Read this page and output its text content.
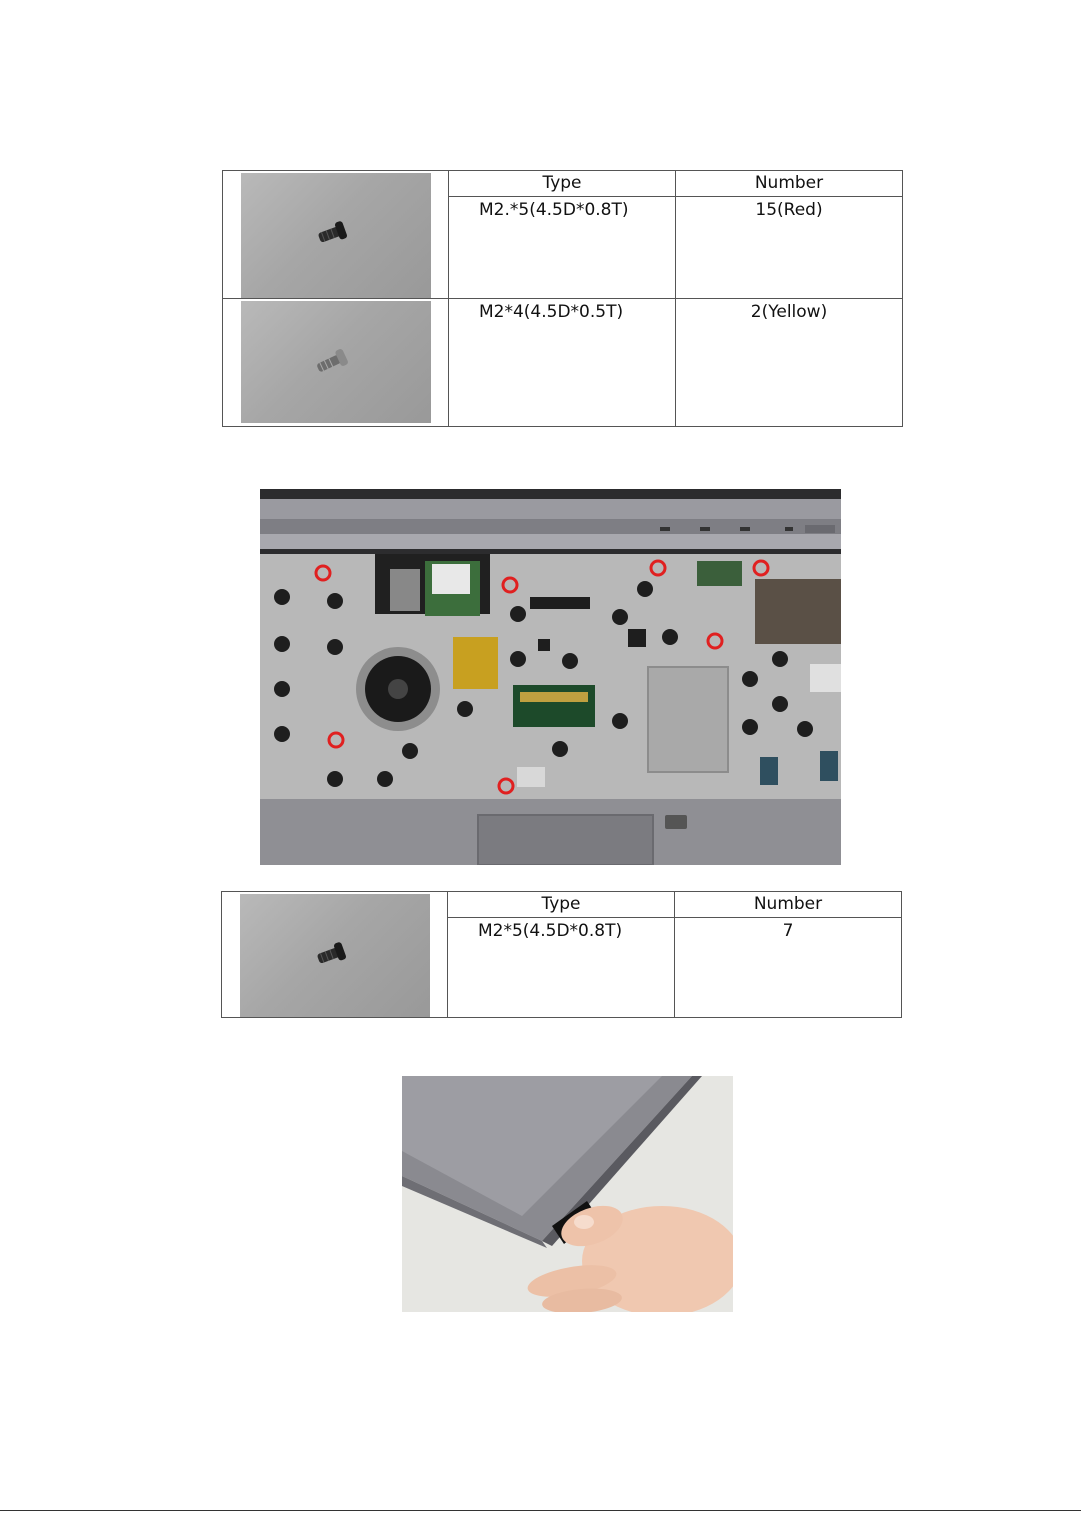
	Type	Number
	M2.*5(4.5D*0.8T)	15(Red)

	M2*4(4.5D*0.5T)	2(Yellow)
	Type	Number
	M2*5(4.5D*0.8T)	7
